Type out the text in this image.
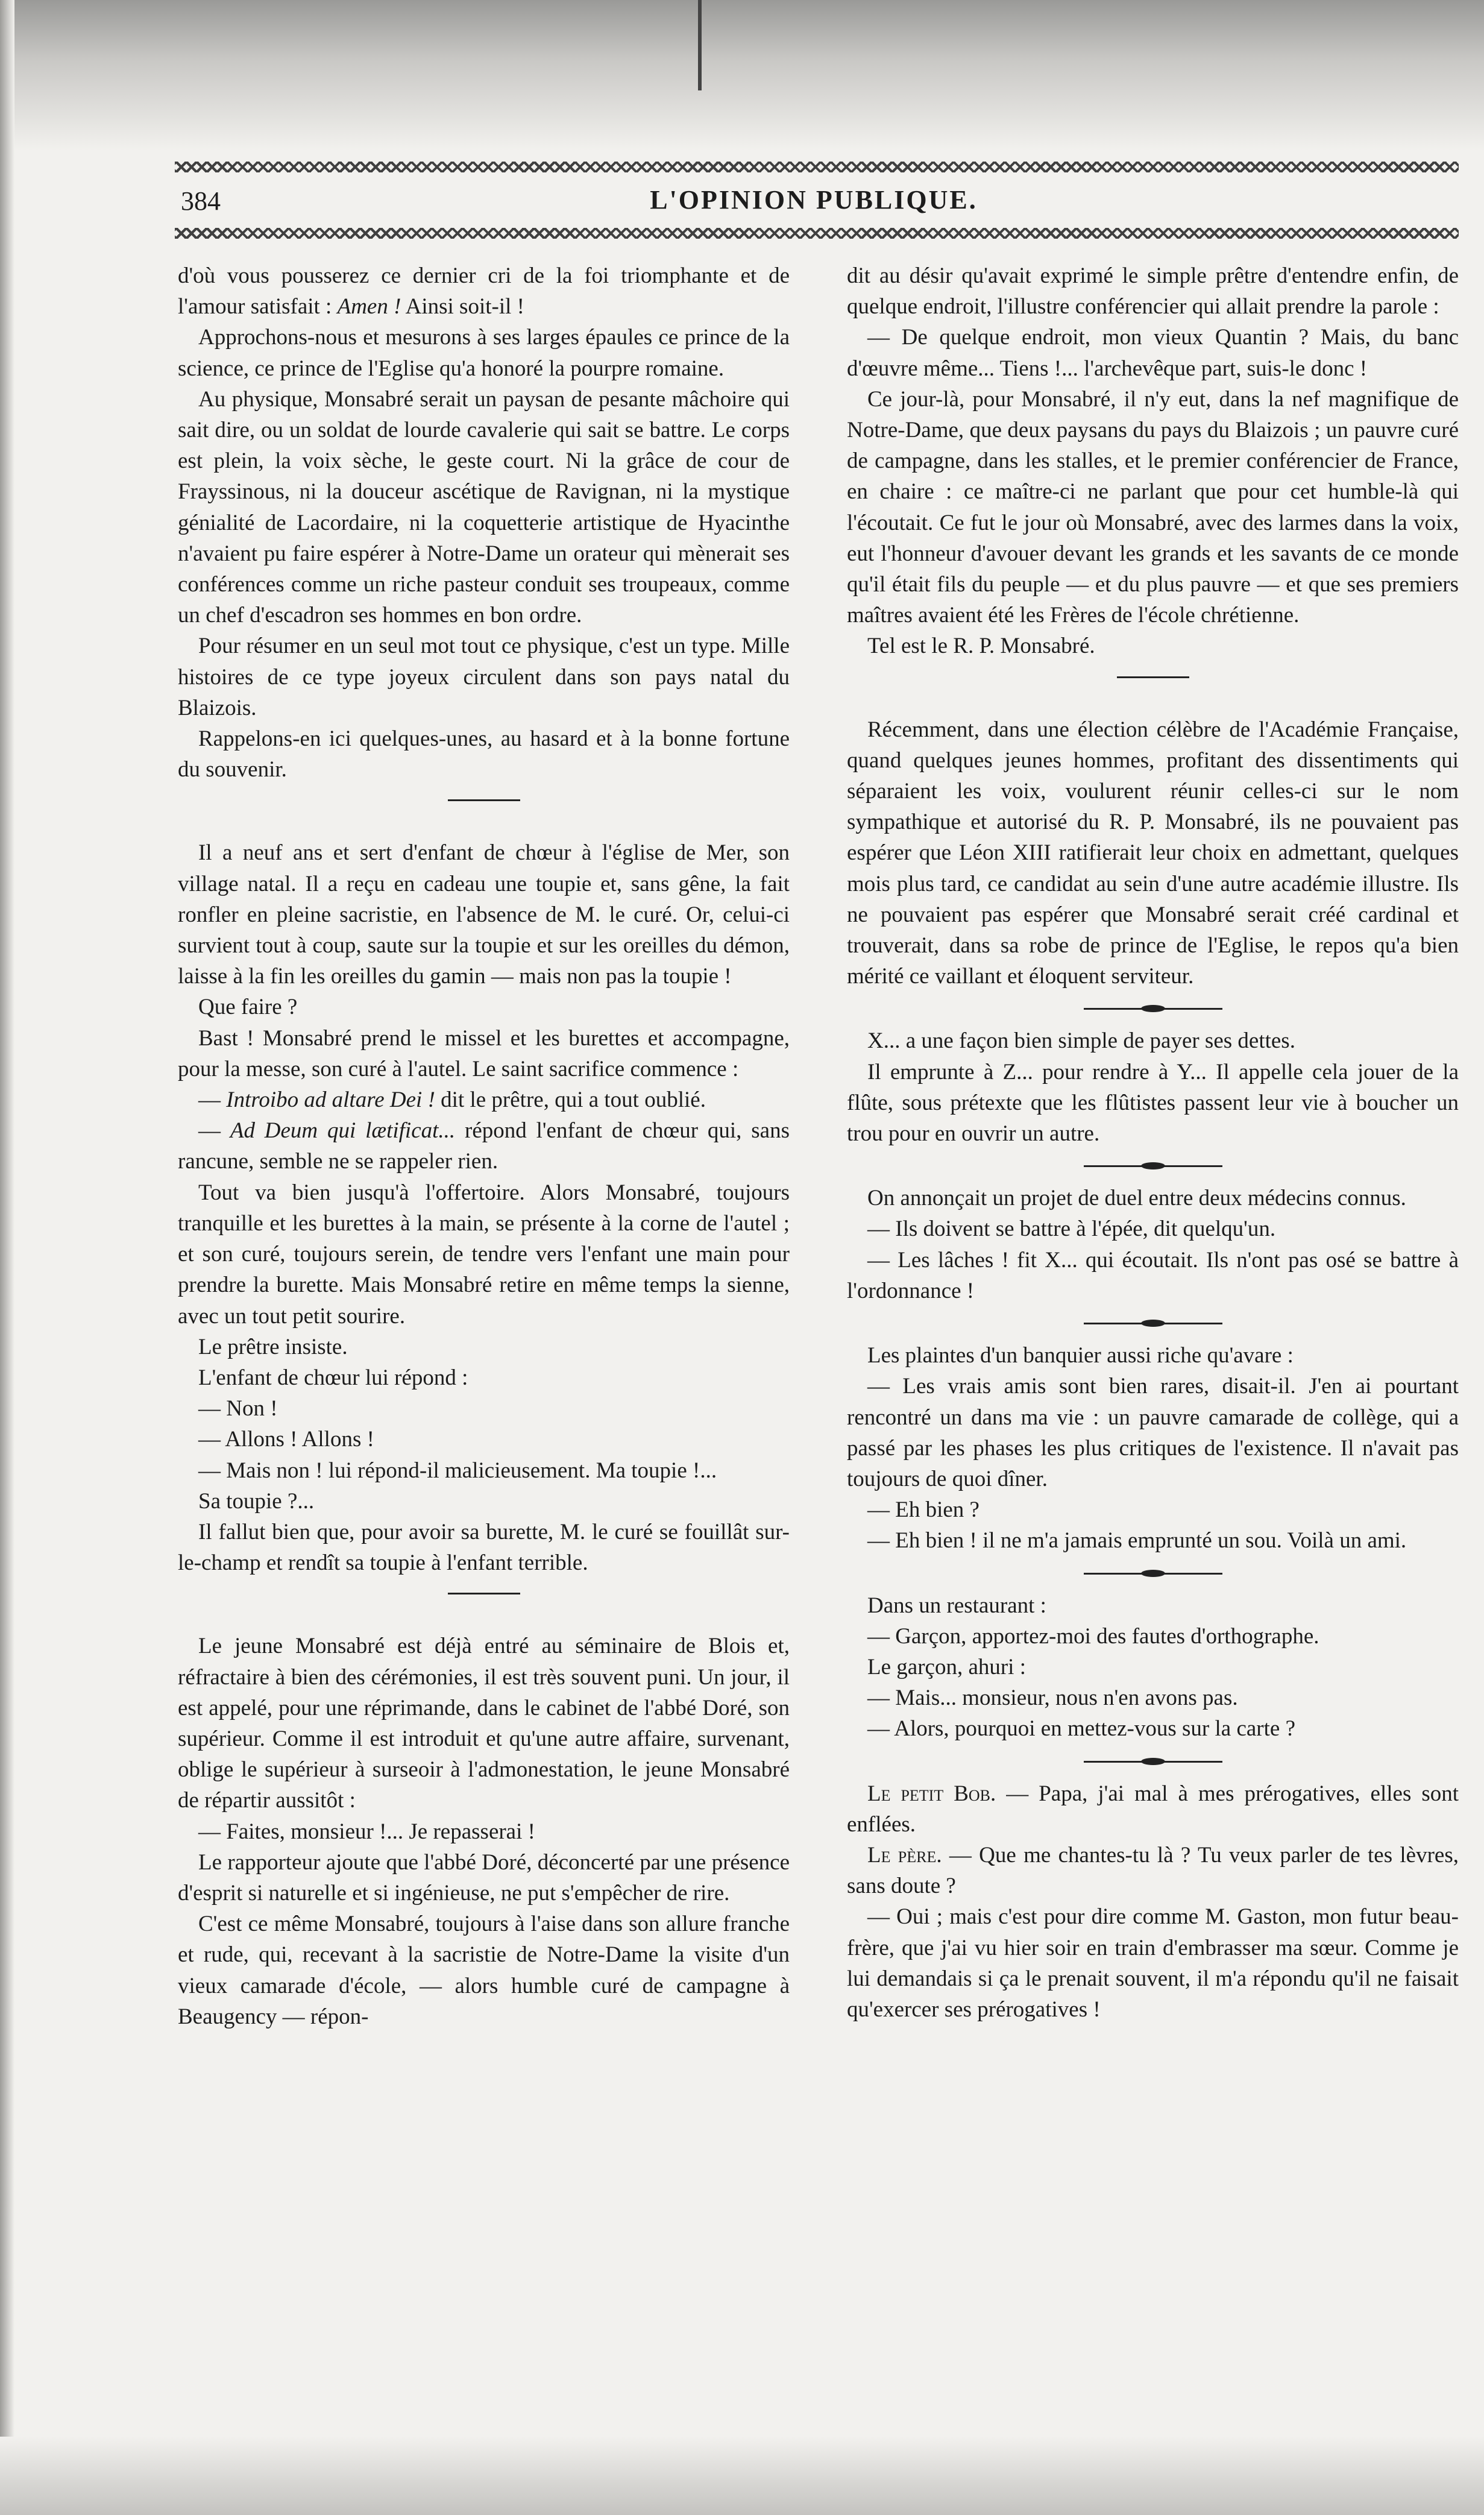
384	L'OPINION PUBLIQUE.

d'où vous pousserez ce dernier cri de la foi triomphante et de l'amour satisfait : Amen ! Ainsi soit-il !

Approchons-nous et mesurons à ses larges épaules ce prince de la science, ce prince de l'Eglise qu'a honoré la pourpre romaine.

Au physique, Monsabré serait un paysan de pesante mâchoire qui sait dire, ou un soldat de lourde cavalerie qui sait se battre. Le corps est plein, la voix sèche, le geste court. Ni la grâce de cour de Frayssinous, ni la douceur ascétique de Ravignan, ni la mystique génialité de Lacordaire, ni la coquetterie artistique de Hyacinthe n'avaient pu faire espérer à Notre-Dame un orateur qui mènerait ses conférences comme un riche pasteur conduit ses troupeaux, comme un chef d'escadron ses hommes en bon ordre.

Pour résumer en un seul mot tout ce physique, c'est un type. Mille histoires de ce type joyeux circulent dans son pays natal du Blaizois.

Rappelons-en ici quelques-unes, au hasard et à la bonne fortune du souvenir.

Il a neuf ans et sert d'enfant de chœur à l'église de Mer, son village natal. Il a reçu en cadeau une toupie et, sans gêne, la fait ronfler en pleine sacristie, en l'absence de M. le curé. Or, celui-ci survient tout à coup, saute sur la toupie et sur les oreilles du démon, laisse à la fin les oreilles du gamin — mais non pas la toupie !

Que faire ?

Bast ! Monsabré prend le missel et les burettes et accompagne, pour la messe, son curé à l'autel. Le saint sacrifice commence :

— Introibo ad altare Dei ! dit le prêtre, qui a tout oublié.

— Ad Deum qui lætificat... répond l'enfant de chœur qui, sans rancune, semble ne se rappeler rien.

Tout va bien jusqu'à l'offertoire. Alors Monsabré, toujours tranquille et les burettes à la main, se présente à la corne de l'autel ; et son curé, toujours serein, de tendre vers l'enfant une main pour prendre la burette. Mais Monsabré retire en même temps la sienne, avec un tout petit sourire.

Le prêtre insiste.

L'enfant de chœur lui répond :

— Non !

— Allons ! Allons !

— Mais non ! lui répond-il malicieusement. Ma toupie !...

Sa toupie ?...

Il fallut bien que, pour avoir sa burette, M. le curé se fouillât sur-le-champ et rendît sa toupie à l'enfant terrible.

Le jeune Monsabré est déjà entré au séminaire de Blois et, réfractaire à bien des cérémonies, il est très souvent puni. Un jour, il est appelé, pour une réprimande, dans le cabinet de l'abbé Doré, son supérieur. Comme il est introduit et qu'une autre affaire, survenant, oblige le supérieur à surseoir à l'admonestation, le jeune Monsabré de répartir aussitôt :

— Faites, monsieur !... Je repasserai !

Le rapporteur ajoute que l'abbé Doré, déconcerté par une présence d'esprit si naturelle et si ingénieuse, ne put s'empêcher de rire.

C'est ce même Monsabré, toujours à l'aise dans son allure franche et rude, qui, recevant à la sacristie de Notre-Dame la visite d'un vieux camarade d'école, — alors humble curé de campagne à Beaugency — répon-

dit au désir qu'avait exprimé le simple prêtre d'entendre enfin, de quelque endroit, l'illustre conférencier qui allait prendre la parole :

— De quelque endroit, mon vieux Quantin ? Mais, du banc d'œuvre même... Tiens !... l'archevêque part, suis-le donc !

Ce jour-là, pour Monsabré, il n'y eut, dans la nef magnifique de Notre-Dame, que deux paysans du pays du Blaizois ; un pauvre curé de campagne, dans les stalles, et le premier conférencier de France, en chaire : ce maître-ci ne parlant que pour cet humble-là qui l'écoutait. Ce fut le jour où Monsabré, avec des larmes dans la voix, eut l'honneur d'avouer devant les grands et les savants de ce monde qu'il était fils du peuple — et du plus pauvre — et que ses premiers maîtres avaient été les Frères de l'école chrétienne.

Tel est le R. P. Monsabré.

Récemment, dans une élection célèbre de l'Académie Française, quand quelques jeunes hommes, profitant des dissentiments qui séparaient les voix, voulurent réunir celles-ci sur le nom sympathique et autorisé du R. P. Monsabré, ils ne pouvaient pas espérer que Léon XIII ratifierait leur choix en admettant, quelques mois plus tard, ce candidat au sein d'une autre académie illustre. Ils ne pouvaient pas espérer que Monsabré serait créé cardinal et trouverait, dans sa robe de prince de l'Eglise, le repos qu'a bien mérité ce vaillant et éloquent serviteur.

X... a une façon bien simple de payer ses dettes.

Il emprunte à Z... pour rendre à Y... Il appelle cela jouer de la flûte, sous prétexte que les flûtistes passent leur vie à boucher un trou pour en ouvrir un autre.

On annonçait un projet de duel entre deux médecins connus.

— Ils doivent se battre à l'épée, dit quelqu'un.

— Les lâches ! fit X... qui écoutait. Ils n'ont pas osé se battre à l'ordonnance !

Les plaintes d'un banquier aussi riche qu'avare :

— Les vrais amis sont bien rares, disait-il. J'en ai pourtant rencontré un dans ma vie : un pauvre camarade de collège, qui a passé par les phases les plus critiques de l'existence. Il n'avait pas toujours de quoi dîner.

— Eh bien ?

— Eh bien ! il ne m'a jamais emprunté un sou. Voilà un ami.

Dans un restaurant :

— Garçon, apportez-moi des fautes d'orthographe.

Le garçon, ahuri :

— Mais... monsieur, nous n'en avons pas.

— Alors, pourquoi en mettez-vous sur la carte ?

Le petit Bob. — Papa, j'ai mal à mes prérogatives, elles sont enflées.

Le père. — Que me chantes-tu là ? Tu veux parler de tes lèvres, sans doute ?

— Oui ; mais c'est pour dire comme M. Gaston, mon futur beau-frère, que j'ai vu hier soir en train d'embrasser ma sœur. Comme je lui demandais si ça le prenait souvent, il m'a répondu qu'il ne faisait qu'exercer ses prérogatives !
